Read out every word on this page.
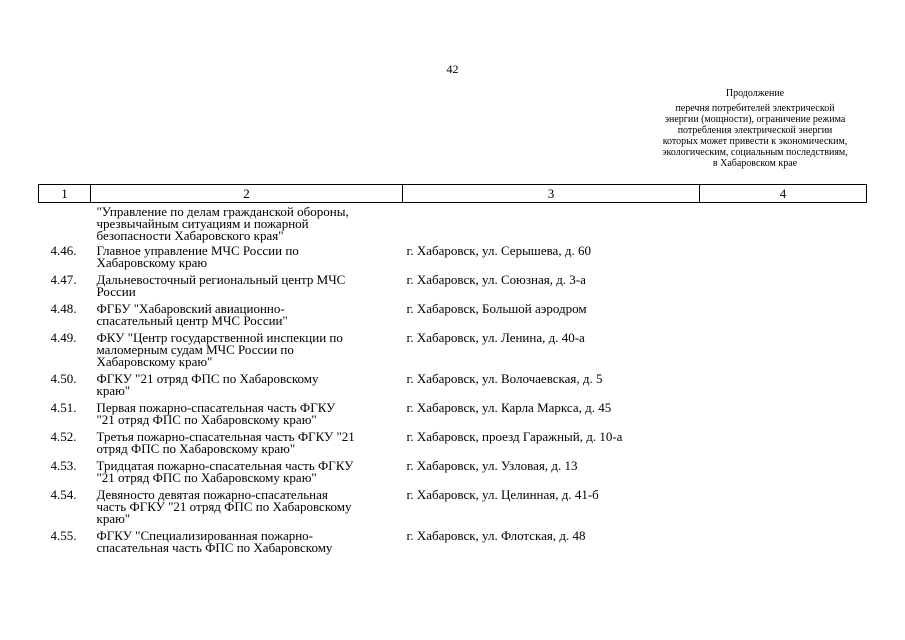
42
Продолжение
перечня потребителей электрической
энергии (мощности), ограничение режима
потребления электрической энергии
которых может привести к экономическим,
экологическим, социальным последствиям,
в Хабаровском крае
1	2	3	4

	"Управление по делам гражданской обороны,
чрезвычайным ситуациям и пожарной
безопасности Хабаровского края"		

4.46.	Главное управление МЧС России по
Хабаровскому краю	г. Хабаровск, ул. Серышева, д. 60	
4.47.	Дальневосточный региональный центр МЧС
России	г. Хабаровск, ул. Союзная, д. 3-а	
4.48.	ФГБУ "Хабаровский авиационно-
спасательный центр МЧС России"	г. Хабаровск, Большой аэродром	
4.49.	ФКУ "Центр государственной инспекции по
маломерным судам МЧС России по
Хабаровскому краю"	г. Хабаровск, ул. Ленина, д. 40-а	
4.50.	ФГКУ "21 отряд ФПС по Хабаровскому
краю"	г. Хабаровск, ул. Волочаевская, д. 5	
4.51.	Первая пожарно-спасательная часть ФГКУ
"21 отряд ФПС по Хабаровскому краю"	г. Хабаровск, ул. Карла Маркса, д. 45	
4.52.	Третья пожарно-спасательная часть ФГКУ "21
отряд ФПС по Хабаровскому краю"	г. Хабаровск, проезд Гаражный, д. 10-а	
4.53.	Тридцатая пожарно-спасательная часть ФГКУ
"21 отряд ФПС по Хабаровскому краю"	г. Хабаровск, ул. Узловая, д. 13	
4.54.	Девяносто девятая пожарно-спасательная
часть ФГКУ "21 отряд ФПС по Хабаровскому
краю"	г. Хабаровск, ул. Целинная, д. 41-б	
4.55.	ФГКУ "Специализированная пожарно-
спасательная часть ФПС по Хабаровскому	г. Хабаровск, ул. Флотская, д. 48	
